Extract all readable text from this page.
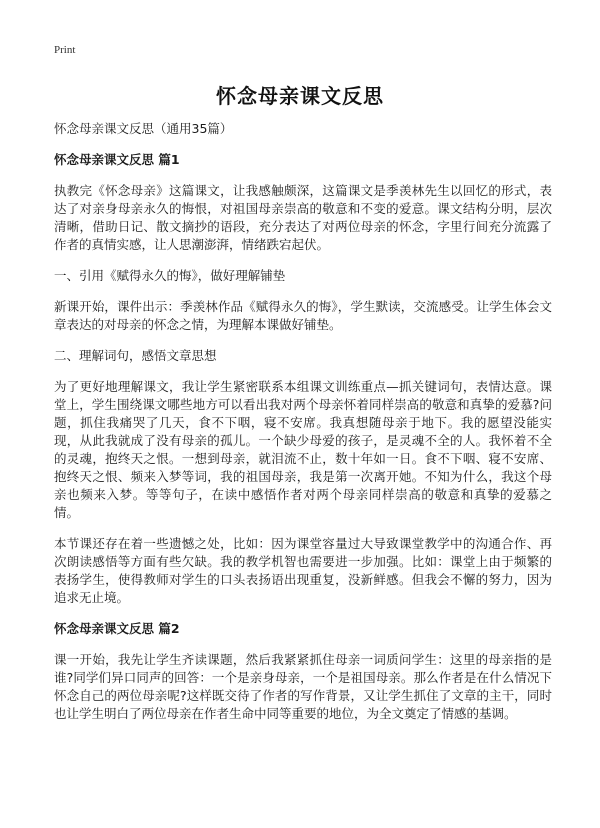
Print
怀念母亲课文反思
怀念母亲课文反思（通用35篇）
怀念母亲课文反思 篇1
执教完《怀念母亲》这篇课文，让我感触颇深，这篇课文是季羡林先生以回忆的形式，表达了对亲身母亲永久的悔恨，对祖国母亲崇高的敬意和不变的爱意。课文结构分明，层次清晰，借助日记、散文摘抄的语段，充分表达了对两位母亲的怀念，字里行间充分流露了作者的真情实感，让人思潮澎湃，情绪跌宕起伏。
一、引用《赋得永久的悔》，做好理解铺垫
新课开始，课件出示：季羡林作品《赋得永久的悔》，学生默读，交流感受。让学生体会文章表达的对母亲的怀念之情，为理解本课做好铺垫。
二、理解词句，感悟文章思想
为了更好地理解课文，我让学生紧密联系本组课文训练重点—抓关键词句，表情达意。课堂上，学生围绕课文哪些地方可以看出我对两个母亲怀着同样崇高的敬意和真挚的爱慕?问题，抓住我痛哭了几天，食不下咽，寝不安席。我真想随母亲于地下。我的愿望没能实现，从此我就成了没有母亲的孤儿。一个缺少母爱的孩子，是灵魂不全的人。我怀着不全的灵魂，抱终天之恨。一想到母亲，就泪流不止，数十年如一日。食不下咽、寝不安席、抱终天之恨、频来入梦等词，我的祖国母亲，我是第一次离开她。不知为什么，我这个母亲也频来入梦。等等句子，在读中感悟作者对两个母亲同样崇高的敬意和真挚的爱慕之情。
本节课还存在着一些遗憾之处，比如：因为课堂容量过大导致课堂教学中的沟通合作、再次朗读感悟等方面有些欠缺。我的教学机智也需要进一步加强。比如：课堂上由于频繁的表扬学生，使得教师对学生的口头表扬语出现重复，没新鲜感。但我会不懈的努力，因为追求无止境。
怀念母亲课文反思 篇2
课一开始，我先让学生齐读课题，然后我紧紧抓住母亲一词质问学生：这里的母亲指的是谁?同学们异口同声的回答：一个是亲身母亲，一个是祖国母亲。那么作者是在什么情况下怀念自己的两位母亲呢?这样既交待了作者的写作背景，又让学生抓住了文章的主干，同时也让学生明白了两位母亲在作者生命中同等重要的地位，为全文奠定了情感的基调。
